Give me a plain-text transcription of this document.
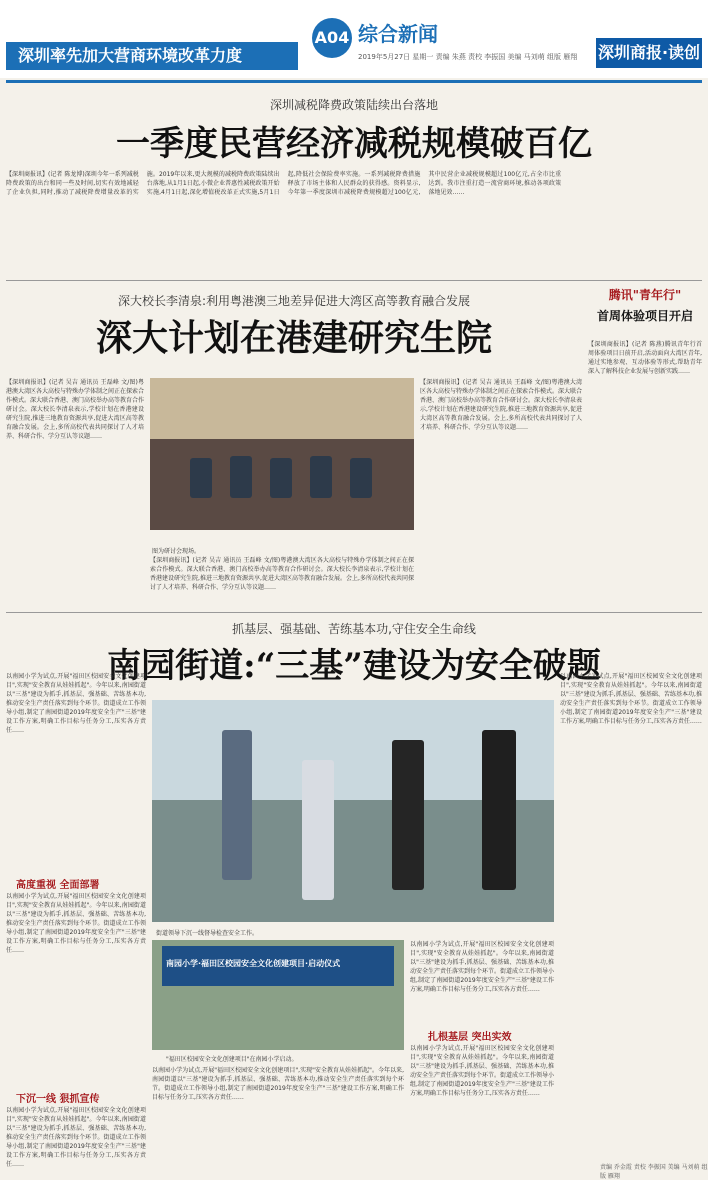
深圳率先加大营商环境改革力度
A04 综合新闻
2019年5月27日 星期一 责编 朱燕 责校 李振国 美编 马刘萌 组版 雁翔 深圳商报·读创
深圳减税降费政策陆续出台落地
一季度民营经济减税规模破百亿
【深圳商报讯】(记者 陈龙博)深圳今年一系列减税降费政策的出台和同一些及时间,切实有效地减轻了企业负担,同时,推动了减税降费增量改革的实施。2019年以来,更大规模的减税降费政策陆续出台落地,从1月1日起,小微企业普惠性减税政策开始实施,4月1日起,深化增值税改革正式实施,5月1日起,降低社会保险费率实施。一系列减税降费措施释放了市场主体和人民群众的获得感。资料显示,今年第一季度深圳市减税降费规模超过100亿元,其中民营企业减税规模超过100亿元,占全市比重达到。我市注重打造一流营商环境,推动各项政策落地见效……
深大校长李清泉:利用粤港澳三地差异促进大湾区高等教育融合发展
深大计划在港建研究生院
图为研讨会现场。
【深圳商报讯】(记者 吴吉 通讯员 王磊峰 文/图)粤港澳大湾区各大高校与特殊办学体制之间正在探索合作模式。深大联合香港、澳门高校举办高等教育合作研讨会。深大校长李清泉表示,学校计划在香港建设研究生院,推进三地教育资源共享,促进大湾区高等教育融合发展。会上,多所高校代表共同探讨了人才培养、科研合作、学分互认等议题……
【深圳商报讯】(记者 吴吉 通讯员 王磊峰 文/图)粤港澳大湾区各大高校与特殊办学体制之间正在探索合作模式。深大联合香港、澳门高校举办高等教育合作研讨会。深大校长李清泉表示,学校计划在香港建设研究生院,推进三地教育资源共享,促进大湾区高等教育融合发展。会上,多所高校代表共同探讨了人才培养、科研合作、学分互认等议题……
【深圳商报讯】(记者 吴吉 通讯员 王磊峰 文/图)粤港澳大湾区各大高校与特殊办学体制之间正在探索合作模式。深大联合香港、澳门高校举办高等教育合作研讨会。深大校长李清泉表示,学校计划在香港建设研究生院,推进三地教育资源共享,促进大湾区高等教育融合发展。会上,多所高校代表共同探讨了人才培养、科研合作、学分互认等议题……
腾讯"青年行"
首周体验项目开启
【深圳商报讯】(记者 陈燕)腾讯青年行首周体验项目日前开启,活动面向大湾区青年,通过实地参观、互动体验等形式,帮助青年深入了解科技企业发展与创新实践……
抓基层、强基础、苦练基本功,守住安全生命线
南园街道:“三基”建设为安全破题
街道领导下沉一线督导检查安全工作。
南园小学·福田区校园安全文化创建项目·启动仪式
"福田区校园安全文化创建项目"在南园小学启动。
以南园小学为试点,开展"福田区校园安全文化创建项目",实现"安全教育从娃娃抓起"。今年以来,南园街道以"三基"建设为抓手,抓基层、强基础、苦练基本功,推动安全生产责任落实到每个环节。街道成立工作领导小组,制定了南园街道2019年度安全生产"三基"建设工作方案,明确工作目标与任务分工,压实各方责任……
高度重视 全面部署
以南园小学为试点,开展"福田区校园安全文化创建项目",实现"安全教育从娃娃抓起"。今年以来,南园街道以"三基"建设为抓手,抓基层、强基础、苦练基本功,推动安全生产责任落实到每个环节。街道成立工作领导小组,制定了南园街道2019年度安全生产"三基"建设工作方案,明确工作目标与任务分工,压实各方责任……
下沉一线 狠抓宣传
以南园小学为试点,开展"福田区校园安全文化创建项目",实现"安全教育从娃娃抓起"。今年以来,南园街道以"三基"建设为抓手,抓基层、强基础、苦练基本功,推动安全生产责任落实到每个环节。街道成立工作领导小组,制定了南园街道2019年度安全生产"三基"建设工作方案,明确工作目标与任务分工,压实各方责任……
以南园小学为试点,开展"福田区校园安全文化创建项目",实现"安全教育从娃娃抓起"。今年以来,南园街道以"三基"建设为抓手,抓基层、强基础、苦练基本功,推动安全生产责任落实到每个环节。街道成立工作领导小组,制定了南园街道2019年度安全生产"三基"建设工作方案,明确工作目标与任务分工,压实各方责任……
以南园小学为试点,开展"福田区校园安全文化创建项目",实现"安全教育从娃娃抓起"。今年以来,南园街道以"三基"建设为抓手,抓基层、强基础、苦练基本功,推动安全生产责任落实到每个环节。街道成立工作领导小组,制定了南园街道2019年度安全生产"三基"建设工作方案,明确工作目标与任务分工,压实各方责任……
扎根基层 突出实效
以南园小学为试点,开展"福田区校园安全文化创建项目",实现"安全教育从娃娃抓起"。今年以来,南园街道以"三基"建设为抓手,抓基层、强基础、苦练基本功,推动安全生产责任落实到每个环节。街道成立工作领导小组,制定了南园街道2019年度安全生产"三基"建设工作方案,明确工作目标与任务分工,压实各方责任……
以南园小学为试点,开展"福田区校园安全文化创建项目",实现"安全教育从娃娃抓起"。今年以来,南园街道以"三基"建设为抓手,抓基层、强基础、苦练基本功,推动安全生产责任落实到每个环节。街道成立工作领导小组,制定了南园街道2019年度安全生产"三基"建设工作方案,明确工作目标与任务分工,压实各方责任……
责编 乔金霞 责校 李振国 美编 马刘萌 组版 雁翔
